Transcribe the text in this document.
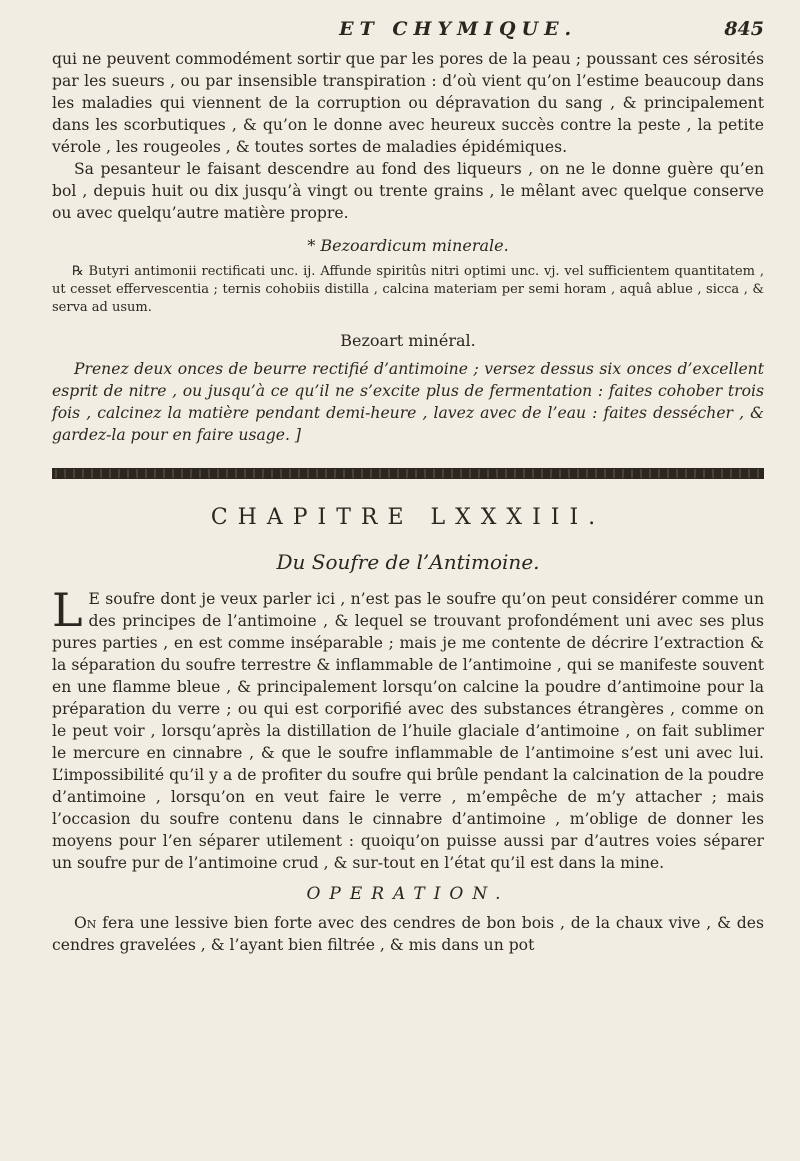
ET CHYMIQUE.	845

qui ne peuvent commodément sortir que par les pores de la peau ; poussant ces sérosités par les sueurs , ou par insensible transpiration : d’où vient qu’on l’estime beaucoup dans les maladies qui viennent de la corruption ou dépravation du sang , & principalement dans les scorbutiques , & qu’on le donne avec heureux succès contre la peste , la petite vérole , les rougeoles , & toutes sortes de maladies épidémiques.

Sa pesanteur le faisant descendre au fond des liqueurs , on ne le donne guère qu’en bol , depuis huit ou dix jusqu’à vingt ou trente grains , le mêlant avec quelque conserve ou avec quelqu’autre matière propre.

* Bezoardicum minerale.

℞ Butyri antimonii rectificati unc. ij. Affunde spiritûs nitri optimi unc. vj. vel sufficientem quantitatem , ut cesset effervescentia ; ternis cohobiis distilla , calcina materiam per semi horam , aquâ ablue , sicca , & serva ad usum.

Bezoart minéral.

Prenez deux onces de beurre rectifié d’antimoine ; versez dessus six onces d’excellent esprit de nitre , ou jusqu’à ce qu’il ne s’excite plus de fermentation : faites cohober trois fois , calcinez la matière pendant demi-heure , lavez avec de l’eau : faites dessécher , & gardez-la pour en faire usage. ]

CHAPITRE LXXXIII.
Du Soufre de l’Antimoine.

L E soufre dont je veux parler ici , n’est pas le soufre qu’on peut considérer comme un des principes de l’antimoine , & lequel se trouvant profondément uni avec ses plus pures parties , en est comme inséparable ; mais je me contente de décrire l’extraction & la séparation du soufre terrestre & inflammable de l’antimoine , qui se manifeste souvent en une flamme bleue , & principalement lorsqu’on calcine la poudre d’antimoine pour la préparation du verre ; ou qui est corporifié avec des substances étrangères , comme on le peut voir , lorsqu’après la distillation de l’huile glaciale d’antimoine , on fait sublimer le mercure en cinnabre , & que le soufre inflammable de l’antimoine s’est uni avec lui. L’impossibilité qu’il y a de profiter du soufre qui brûle pendant la calcination de la poudre d’antimoine , lorsqu’on en veut faire le verre , m’empêche de m’y attacher ; mais l’occasion du soufre contenu dans le cinnabre d’antimoine , m’oblige de donner les moyens pour l’en séparer utilement : quoiqu’on puisse aussi par d’autres voies séparer un soufre pur de l’antimoine crud , & sur-tout en l’état qu’il est dans la mine.

OPERATION.

On fera une lessive bien forte avec des cendres de bon bois , de la chaux vive , & des cendres gravelées , & l’ayant bien filtrée , & mis dans un pot
